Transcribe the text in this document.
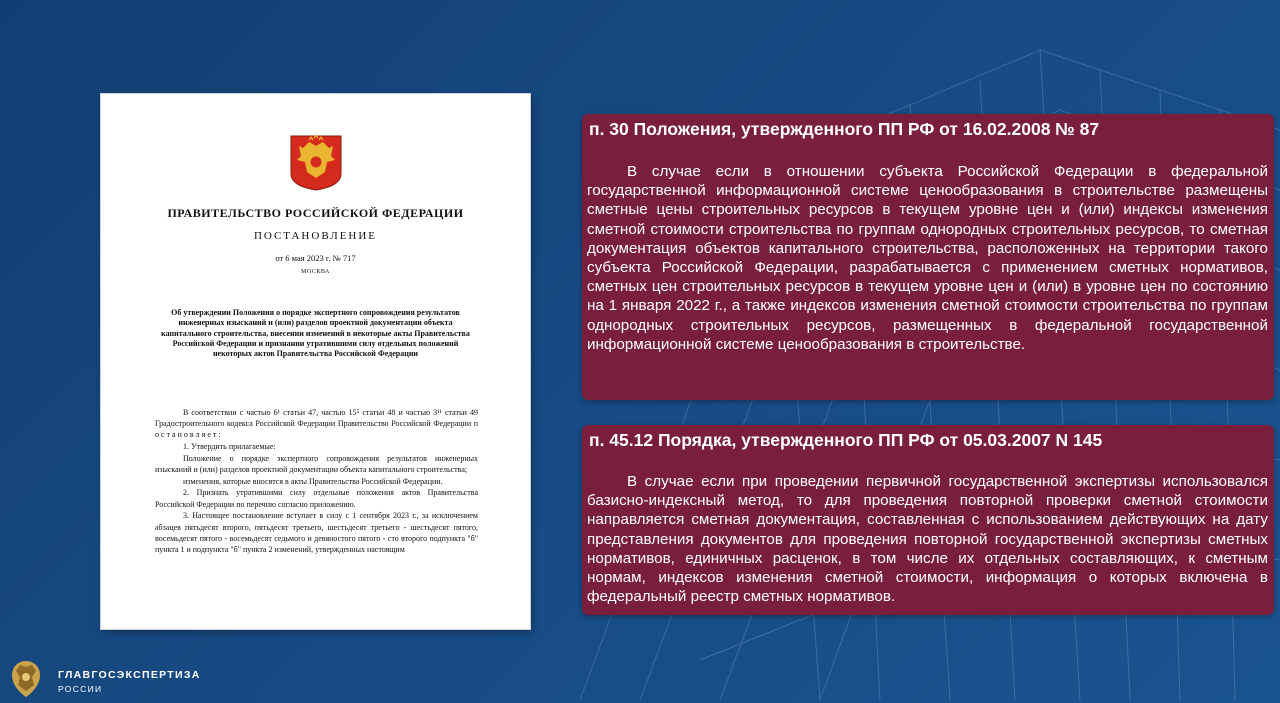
ПРАВИТЕЛЬСТВО РОССИЙСКОЙ ФЕДЕРАЦИИ
ПОСТАНОВЛЕНИЕ
от 6 мая 2023 г. № 717
МОСКВА
Об утверждении Положения о порядке экспертного сопровождения результатов инженерных изысканий и (или) разделов проектной документации объекта капитального строительства, внесении изменений в некоторые акты Правительства Российской Федерации и признании утратившими силу отдельных положений некоторых актов Правительства Российской Федерации

В соответствии с частью 6¹ статьи 47, частью 15⁵ статьи 48 и частью 3¹¹ статьи 49 Градостроительного кодекса Российской Федерации Правительство Российской Федерации п о с т а н о в л я е т :

1. Утвердить прилагаемые:

Положение о порядке экспертного сопровождения результатов инженерных изысканий и (или) разделов проектной документации объекта капитального строительства;

изменения, которые вносятся в акты Правительства Российской Федерации.

2. Признать утратившими силу отдельные положения актов Правительства Российской Федерации по перечню согласно приложению.

3. Настоящее постановление вступает в силу с 1 сентября 2023 г., за исключением абзацев пятьдесят второго, пятьдесят третьего, шестьдесят третьего - шестьдесят пятого, восемьдесят пятого - восемьдесят седьмого и девяностого пятого - сто второго подпункта "б" пункта 1 и подпункта "б" пункта 2 изменений, утвержденных настоящим

п. 30 Положения, утвержденного ПП РФ от 16.02.2008 № 87
В случае если в отношении субъекта Российской Федерации в федеральной государственной информационной системе ценообразования в строительстве размещены сметные цены строительных ресурсов в текущем уровне цен и (или) индексы изменения сметной стоимости строительства по группам однородных строительных ресурсов, то сметная документация объектов капитального строительства, расположенных на территории такого субъекта Российской Федерации, разрабатывается с применением сметных нормативов, сметных цен строительных ресурсов в текущем уровне цен и (или) в уровне цен по состоянию на 1 января 2022 г., а также индексов изменения сметной стоимости строительства по группам однородных строительных ресурсов, размещенных в федеральной государственной информационной системе ценообразования в строительстве.
п. 45.12 Порядка, утвержденного ПП РФ от 05.03.2007 N 145
В случае если при проведении первичной государственной экспертизы использовался базисно-индексный метод, то для проведения повторной проверки сметной стоимости направляется сметная документация, составленная с использованием действующих на дату представления документов для проведения повторной государственной экспертизы сметных нормативов, единичных расценок, в том числе их отдельных составляющих, к сметным нормам, индексов изменения сметной стоимости, информация о которых включена в федеральный реестр сметных нормативов.
ГЛАВГОСЭКСПЕРТИЗА
РОССИИ
